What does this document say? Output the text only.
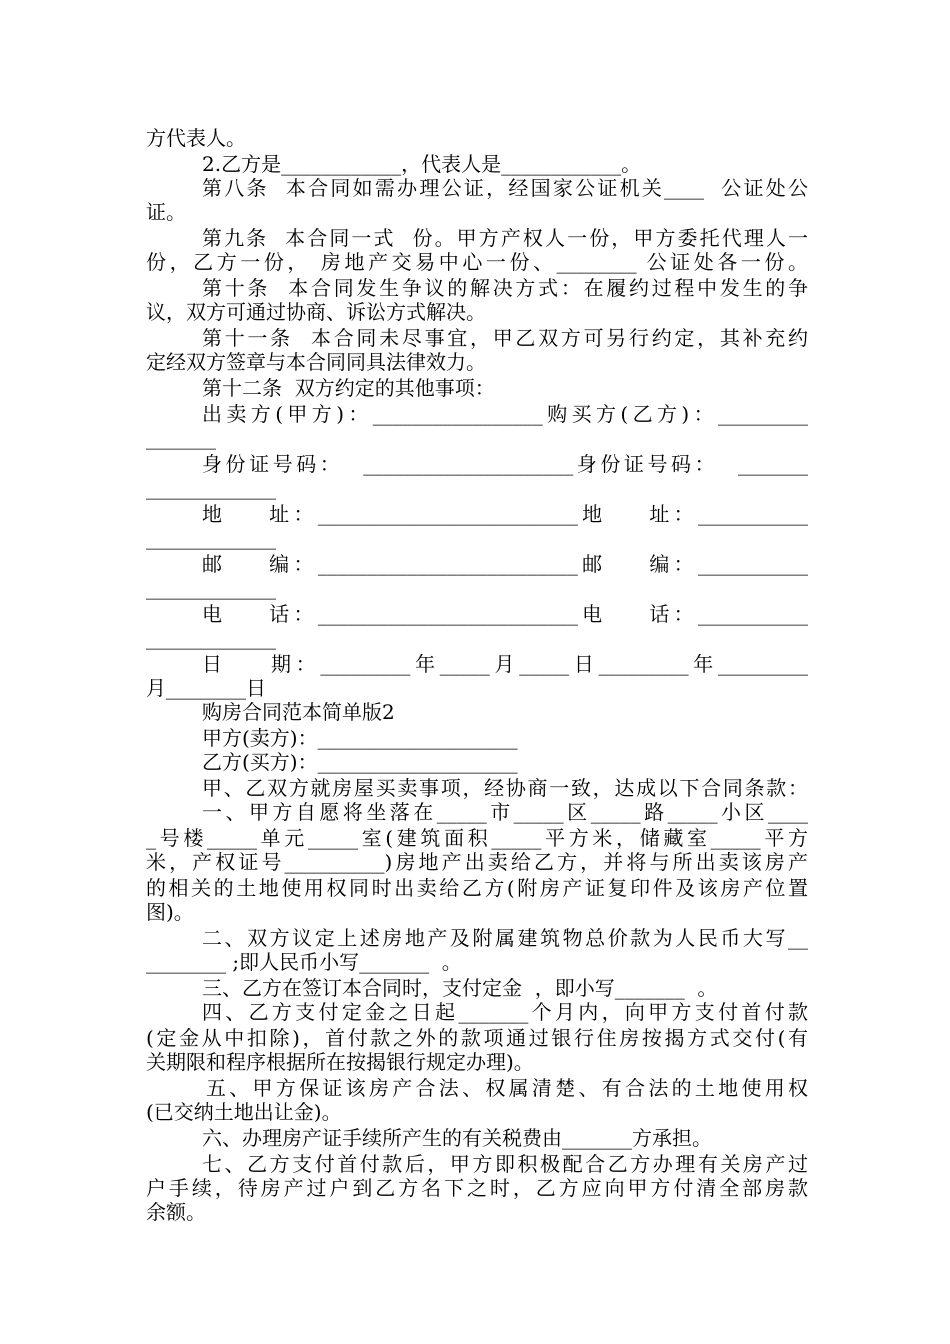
方代表人。
2.乙方是____________，代表人是____________。
第八条  本合同如需办理公证，经国家公证机关____  公证处公
证。
第九条  本合同一式  份。甲方产权人一份，甲方委托代理人一
份，乙方一份， 房地产交易中心一份、________ 公证处各一份。
第十条  本合同发生争议的解决方式：在履约过程中发生的争
议，双方可通过协商、诉讼方式解决。
第十一条  本合同未尽事宜，甲乙双方可另行约定，其补充约
定经双方签章与本合同同具法律效力。
第十二条  双方约定的其他事项：
出卖方(甲方)：_________________购买方(乙方)：_________
_______
身份证号码：  _____________________身份证号码：  _______
_____________
地    址：__________________________地    址：___________
_____________
邮    编：__________________________邮    编：___________
_____________
电    话：__________________________电    话：___________
_____________
日    期：_________年_____月_____日_________年_________
月________日
购房合同范本简单版2
甲方(卖方)：____________________
乙方(买方)：____________________
甲、乙双方就房屋买卖事项，经协商一致，达成以下合同条款：
一、甲方自愿将坐落在_____市_____区_____路_____小区____
_号楼_____单元_____室(建筑面积_____平方米，储藏室_____平方
米，产权证号__________)房地产出卖给乙方，并将与所出卖该房产
的相关的土地使用权同时出卖给乙方(附房产证复印件及该房产位置
图)。
二、双方议定上述房地产及附属建筑物总价款为人民币大写__
________ ;即人民币小写_______  。
三、乙方在签订本合同时，支付定金  ，即小写_______  。
四、乙方支付定金之日起_______个月内，向甲方支付首付款
(定金从中扣除)，首付款之外的款项通过银行住房按揭方式交付(有
关期限和程序根据所在按揭银行规定办理)。
五、甲方保证该房产合法、权属清楚、有合法的土地使用权
(已交纳土地出让金)。
六、办理房产证手续所产生的有关税费由_______方承担。
七、乙方支付首付款后，甲方即积极配合乙方办理有关房产过
户手续，待房产过户到乙方名下之时，乙方应向甲方付清全部房款
余额。
